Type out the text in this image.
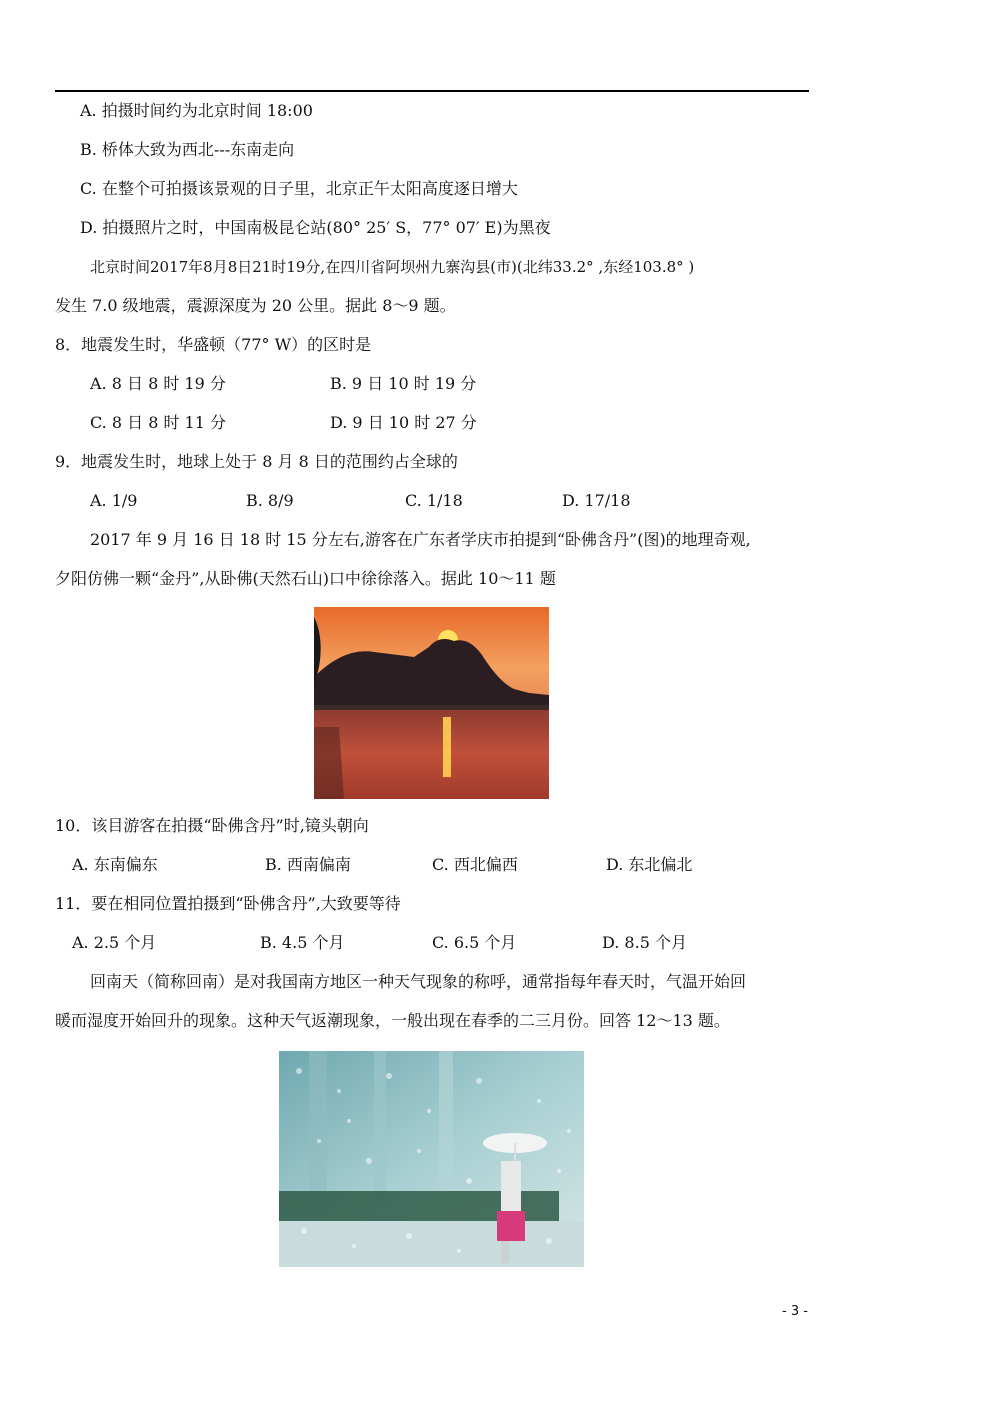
A. 拍摄时间约为北京时间 18:00
B. 桥体大致为西北---东南走向
C. 在整个可拍摄该景观的日子里，北京正午太阳高度逐日增大
D. 拍摄照片之时，中国南极昆仑站(80° 25′ S，77° 07′ E)为黑夜
北京时间2017年8月8日21时19分,在四川省阿坝州九寨沟县(市)(北纬33.2° ,东经103.8° )
发生 7.0 级地震，震源深度为 20 公里。据此 8～9 题。
8．地震发生时，华盛顿（77° W）的区时是
A. 8 日 8 时 19 分	B. 9 日 10 时 19 分
C. 8 日 8 时 11 分	D. 9 日 10 时 27 分
9．地震发生时，地球上处于 8 月 8 日的范围约占全球的
A. 1/9	B. 8/9	C. 1/18	D. 17/18
2017 年 9 月 16 日 18 时 15 分左右,游客在广东者学庆市拍提到“卧佛含丹”(图)的地理奇观,
夕阳仿佛一颗“金丹”,从卧佛(天然石山)口中徐徐落入。据此 10～11 题
10．该目游客在拍摄“卧佛含丹”时,镜头朝向
A. 东南偏东	B. 西南偏南	C. 西北偏西	D. 东北偏北
11．要在相同位置拍摄到“卧佛含丹”,大致要等待
A. 2.5 个月	B. 4.5 个月	C. 6.5 个月	D. 8.5 个月
回南天（简称回南）是对我国南方地区一种天气现象的称呼，通常指每年春天时，气温开始回
暖而湿度开始回升的现象。这种天气返潮现象，一般出现在春季的二三月份。回答 12～13 题。
- 3 -
